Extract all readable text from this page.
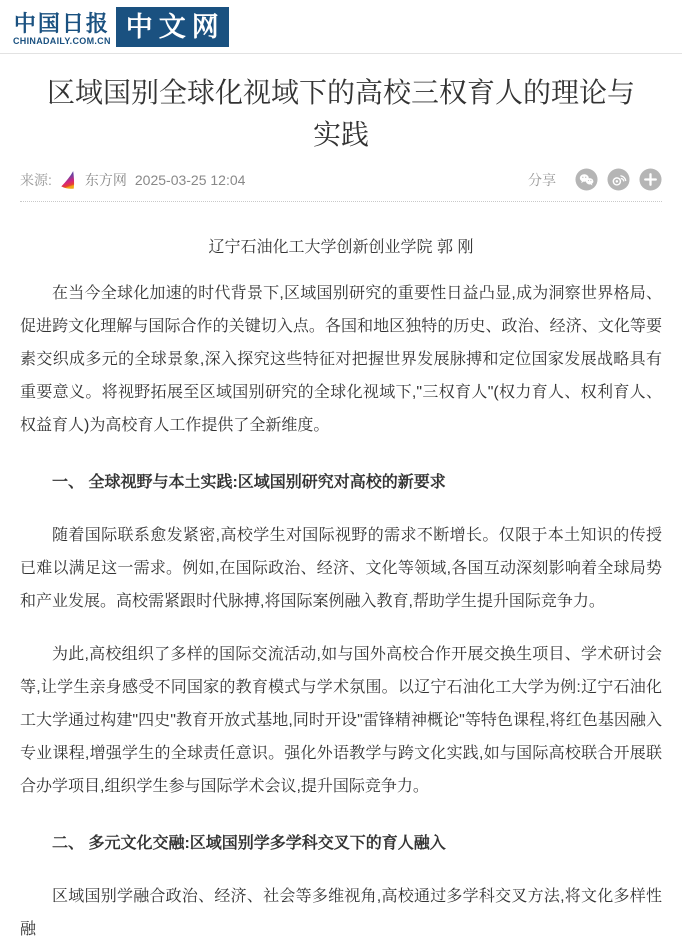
中国日报
CHINADAILY.COM.CN 中文网
区域国别全球化视域下的高校三权育人的理论与实践
来源: 东方网 2025-03-25 12:04	分享

辽宁石油化工大学创新创业学院 郭 刚

在当今全球化加速的时代背景下,区域国别研究的重要性日益凸显,成为洞察世界格局、促进跨文化理解与国际合作的关键切入点。各国和地区独特的历史、政治、经济、文化等要素交织成多元的全球景象,深入探究这些特征对把握世界发展脉搏和定位国家发展战略具有重要意义。将视野拓展至区域国别研究的全球化视域下,"三权育人"(权力育人、权利育人、权益育人)为高校育人工作提供了全新维度。

一、 全球视野与本土实践:区域国别研究对高校的新要求

随着国际联系愈发紧密,高校学生对国际视野的需求不断增长。仅限于本土知识的传授已难以满足这一需求。例如,在国际政治、经济、文化等领域,各国互动深刻影响着全球局势和产业发展。高校需紧跟时代脉搏,将国际案例融入教育,帮助学生提升国际竞争力。

为此,高校组织了多样的国际交流活动,如与国外高校合作开展交换生项目、学术研讨会等,让学生亲身感受不同国家的教育模式与学术氛围。以辽宁石油化工大学为例:辽宁石油化工大学通过构建"四史"教育开放式基地,同时开设"雷锋精神概论"等特色课程,将红色基因融入专业课程,增强学生的全球责任意识。强化外语教学与跨文化实践,如与国际高校联合开展联合办学项目,组织学生参与国际学术会议,提升国际竞争力。

二、 多元文化交融:区域国别学多学科交叉下的育人融入

区域国别学融合政治、经济、社会等多维视角,高校通过多学科交叉方法,将文化多样性融
